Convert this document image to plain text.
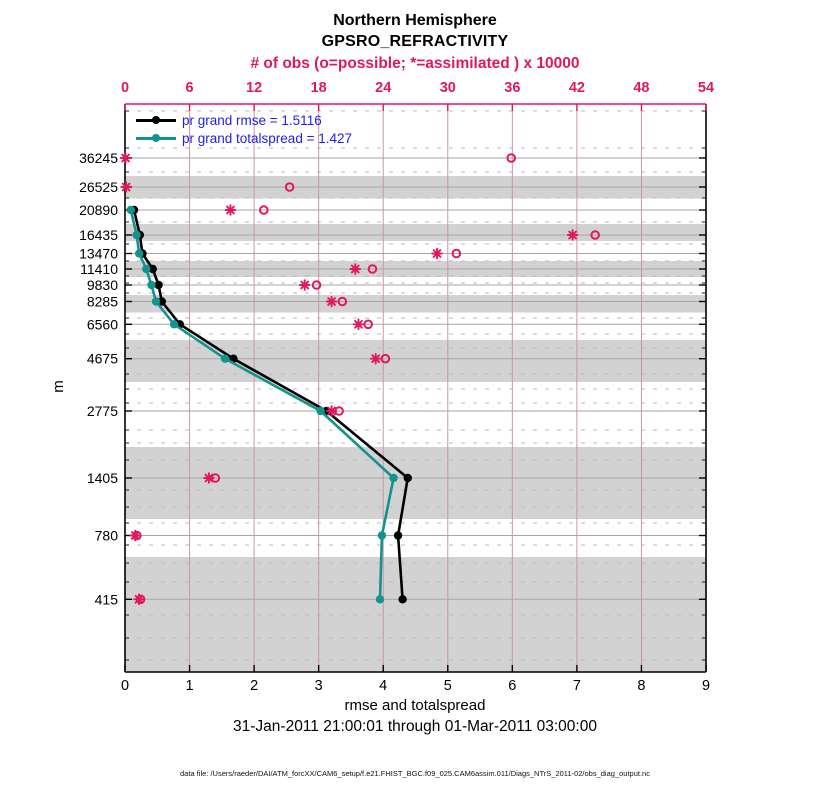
0	1	2	3	4	5	6	7	8	9
0	6	12	18	24	30	36	42	48	54
36245
26525
20890
16435
13470
11410
9830
8285
6560
4675
2775
1405
780
415
Northern Hemisphere
GPSRO_REFRACTIVITY
# of obs (o=possible; *=assimilated ) x 10000
pr grand rmse = 1.5116
pr grand totalspread = 1.427
m
rmse and totalspread
31-Jan-2011 21:00:01 through 01-Mar-2011 03:00:00
data file: /Users/raeder/DAI/ATM_forcXX/CAM6_setup/f.e21.FHIST_BGC.f09_025.CAM6assim.011/Diags_NTrS_2011-02/obs_diag_output.nc
